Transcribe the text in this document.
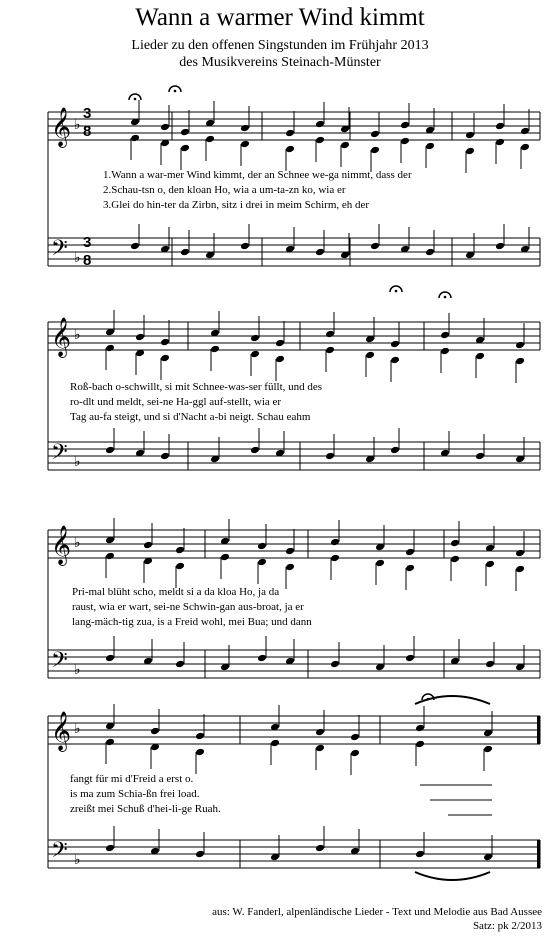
Wann a warmer Wind kimmt
Lieder zu den offenen Singstunden im Frühjahr 2013
des Musikvereins Steinach-Münster
𝄞 ♭
𝄢 ♭
𝄞 ♭
𝄢 ♭
𝄞 ♭
𝄢 ♭
𝄞 ♭
𝄢 ♭
3
8
3
8
1.Wann a war-mer Wind kimmt, der an Schnee we-ga nimmt, dass der
2.Schau-tsn o, den kloan Ho, wia a um-ta-zn ko, wia er
3.Glei do hin-ter da Zirbn, sitz i drei in meim Schirm, eh der
Roß-bach o-schwillt, si mit Schnee-was-ser füllt, und des
ro-dlt und meldt, sei-ne Ha-ggl auf-stellt, wia er
Tag au-fa steigt, und si d'Nacht a-bi neigt. Schau eahm
Pri-mal blüht scho, meldt si a da kloa Ho, ja da
raust, wia er wart, sei-ne Schwin-gan aus-broat, ja er
lang-mäch-tig zua, is a Freid wohl, mei Bua; und dann
fangt für mi d'Freid a erst o.
is ma zum Schia-ßn frei load.
zreißt mei Schuß d'hei-li-ge Ruah.
aus: W. Fanderl, alpenländische Lieder - Text und Melodie aus Bad Aussee
Satz: pk 2/2013
